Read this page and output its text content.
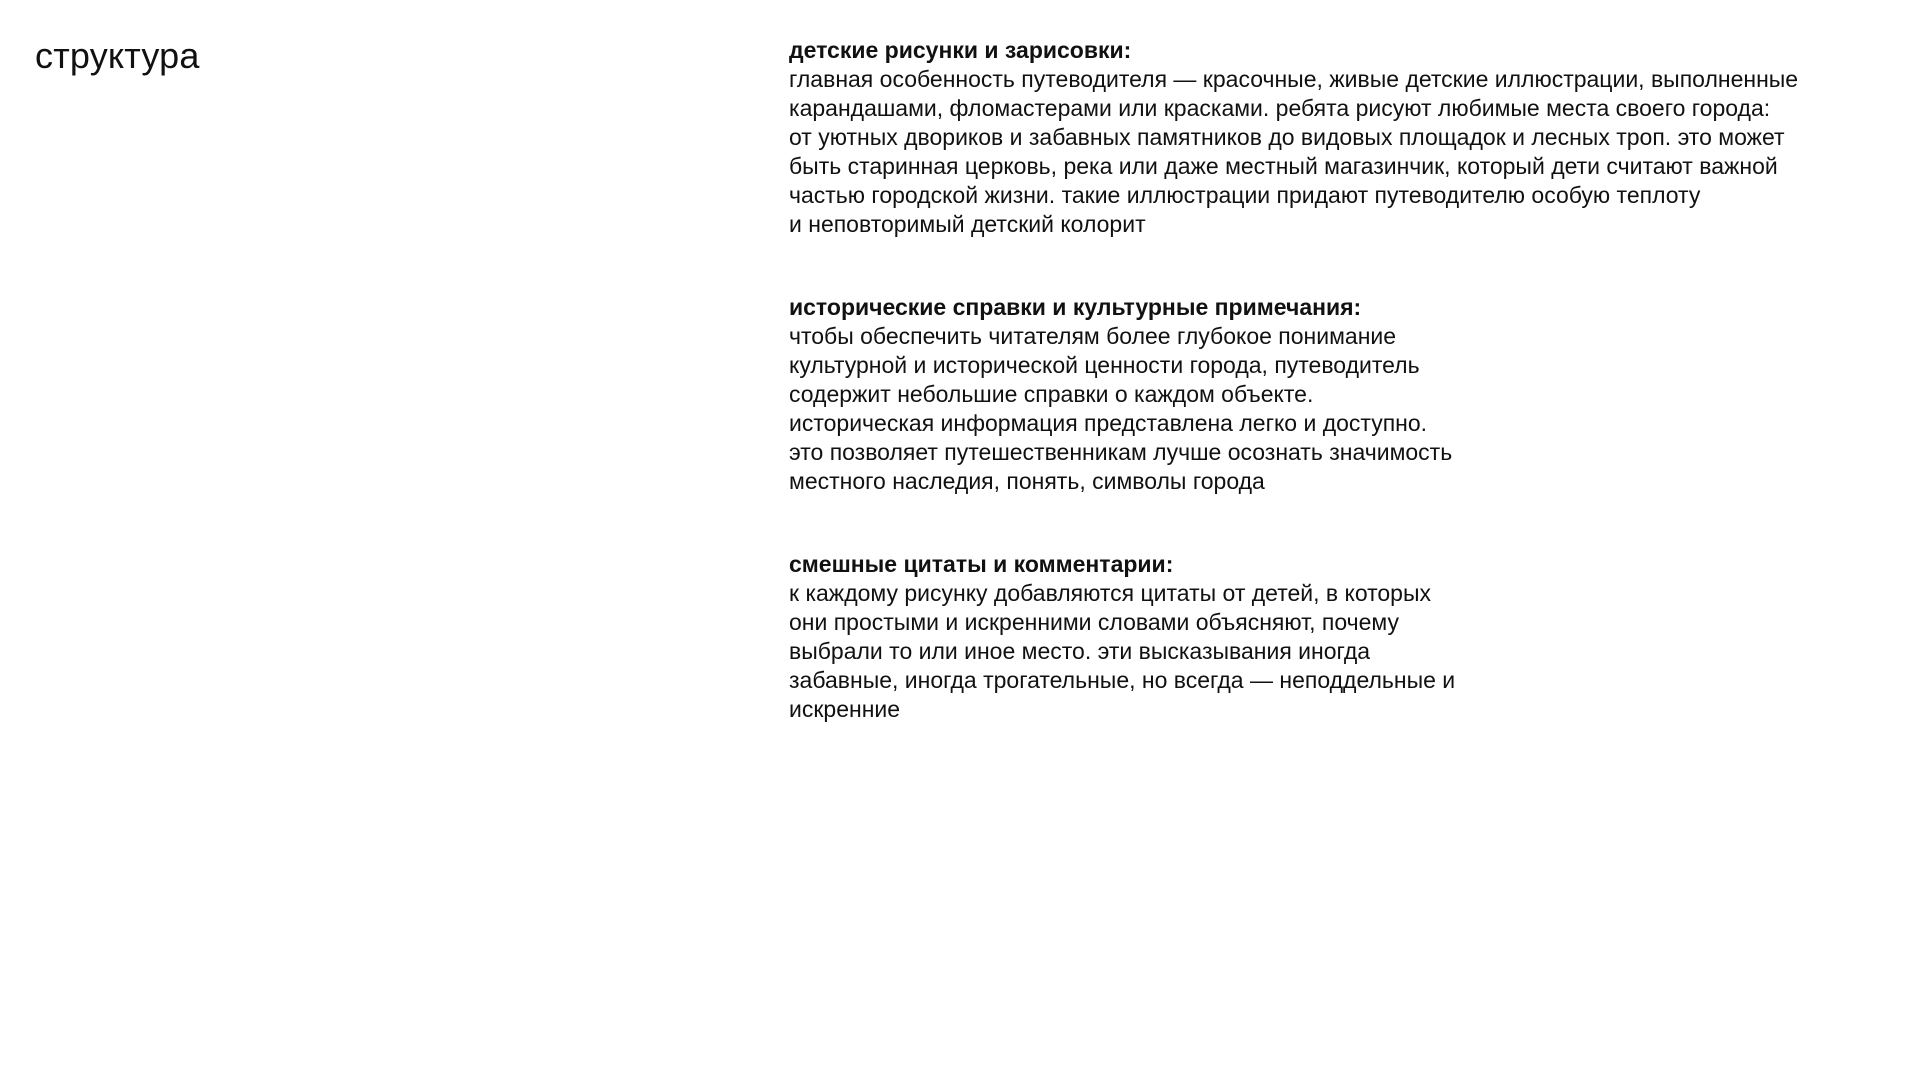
структура	детские рисунки и зарисовки:
главная особенность путеводителя — красочные, живые детские иллюстрации, выполненные
карандашами, фломастерами или красками. ребята рисуют любимые места своего города:
от уютных двориков и забавных памятников до видовых площадок и лесных троп. это может
быть старинная церковь, река или даже местный магазинчик, который дети считают важной
частью городской жизни. такие иллюстрации придают путеводителю особую теплоту
и неповторимый детский колорит
исторические справки и культурные примечания:
чтобы обеспечить читателям более глубокое понимание
культурной и исторической ценности города, путеводитель
содержит небольшие справки о каждом объекте.
историческая информация представлена легко и доступно.
это позволяет путешественникам лучше осознать значимость
местного наследия, понять, символы города
смешные цитаты и комментарии:
к каждому рисунку добавляются цитаты от детей, в которых
они простыми и искренними словами объясняют, почему
выбрали то или иное место. эти высказывания иногда
забавные, иногда трогательные, но всегда — неподдельные и
искренние
